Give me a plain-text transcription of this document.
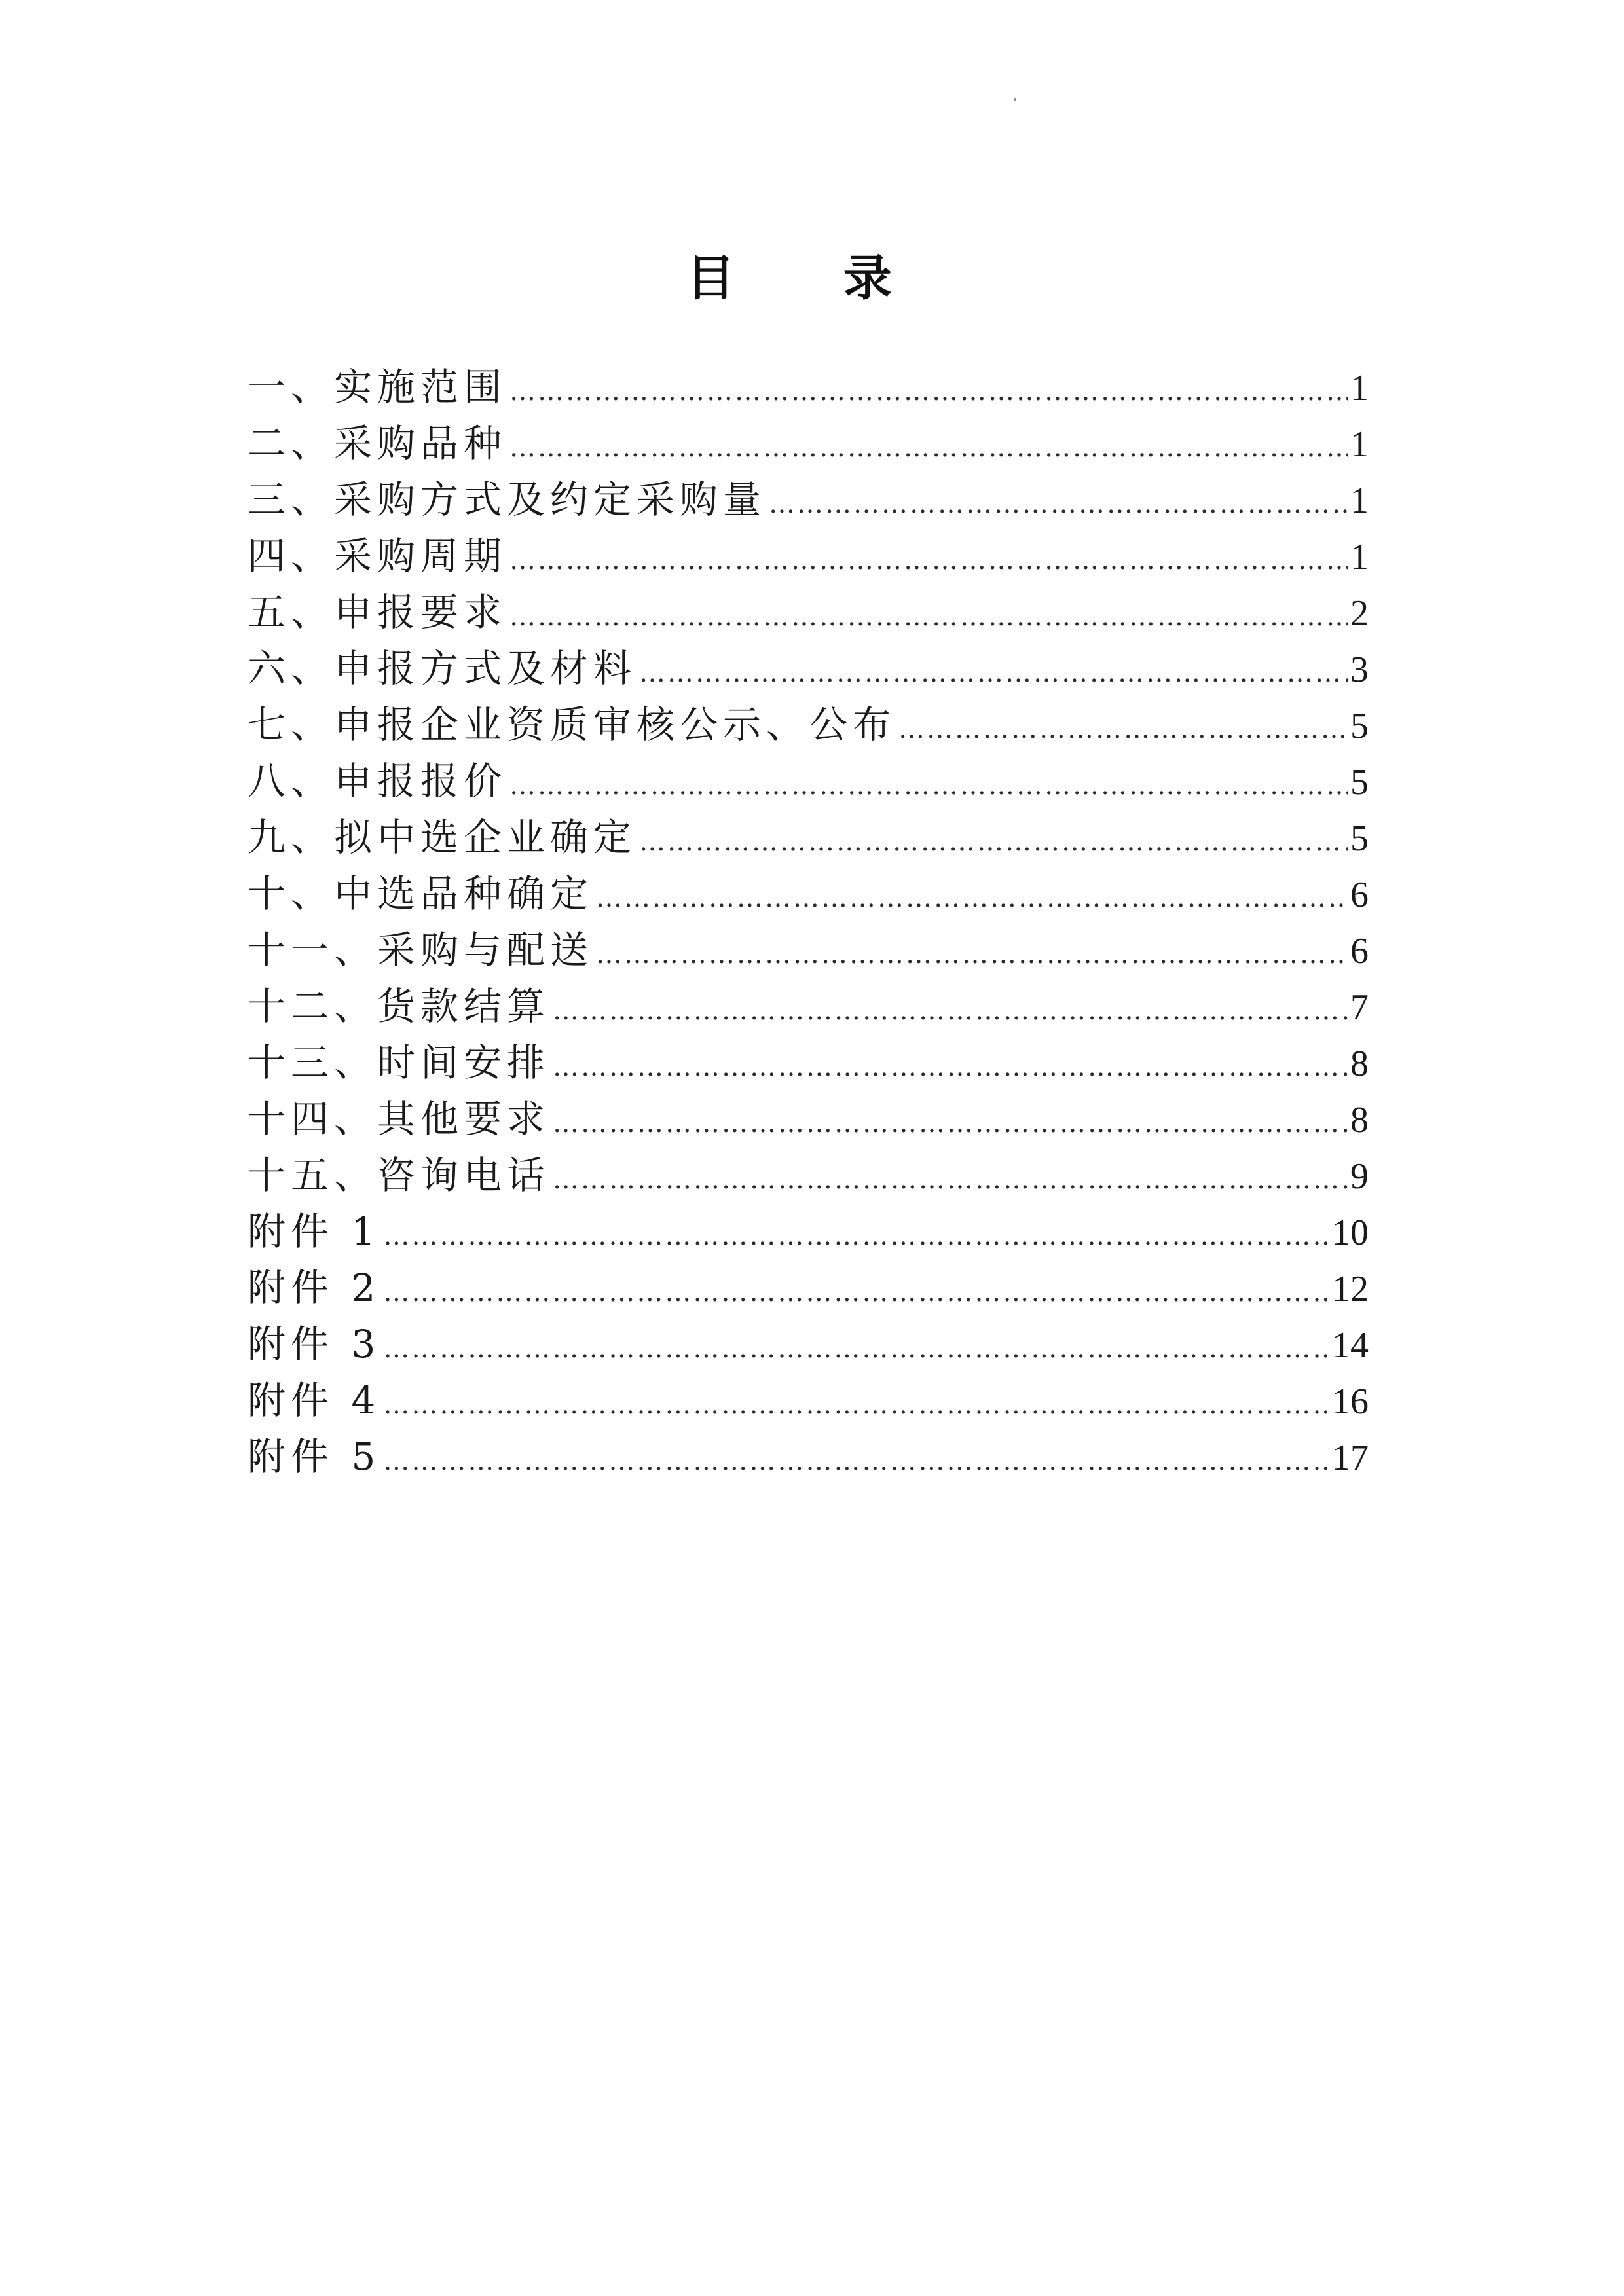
目 录
一、实施范围 ……………………………………………………………………………………………………………………………………………………………………………………………………………………………………	1
二、采购品种 ……………………………………………………………………………………………………………………………………………………………………………………………………………………………………	1
三、采购方式及约定采购量 ……………………………………………………………………………………………………………………………………………………………………………………………………………………………………	1
四、采购周期 ……………………………………………………………………………………………………………………………………………………………………………………………………………………………………	1
五、申报要求 ……………………………………………………………………………………………………………………………………………………………………………………………………………………………………	2
六、申报方式及材料 ……………………………………………………………………………………………………………………………………………………………………………………………………………………………………	3
七、申报企业资质审核公示、公布 ……………………………………………………………………………………………………………………………………………………………………………………………………………………………………	5
八、申报报价 ……………………………………………………………………………………………………………………………………………………………………………………………………………………………………	5
九、拟中选企业确定 ……………………………………………………………………………………………………………………………………………………………………………………………………………………………………	5
十、中选品种确定 ……………………………………………………………………………………………………………………………………………………………………………………………………………………………………	6
十一、采购与配送 ……………………………………………………………………………………………………………………………………………………………………………………………………………………………………	6
十二、货款结算 ……………………………………………………………………………………………………………………………………………………………………………………………………………………………………	7
十三、时间安排 ……………………………………………………………………………………………………………………………………………………………………………………………………………………………………	8
十四、其他要求 ……………………………………………………………………………………………………………………………………………………………………………………………………………………………………	8
十五、咨询电话 ……………………………………………………………………………………………………………………………………………………………………………………………………………………………………	9
附件 1 ……………………………………………………………………………………………………………………………………………………………………………………………………………………………………	10
附件 2 ……………………………………………………………………………………………………………………………………………………………………………………………………………………………………	12
附件 3 ……………………………………………………………………………………………………………………………………………………………………………………………………………………………………	14
附件 4 ……………………………………………………………………………………………………………………………………………………………………………………………………………………………………	16
附件 5 ……………………………………………………………………………………………………………………………………………………………………………………………………………………………………	17
